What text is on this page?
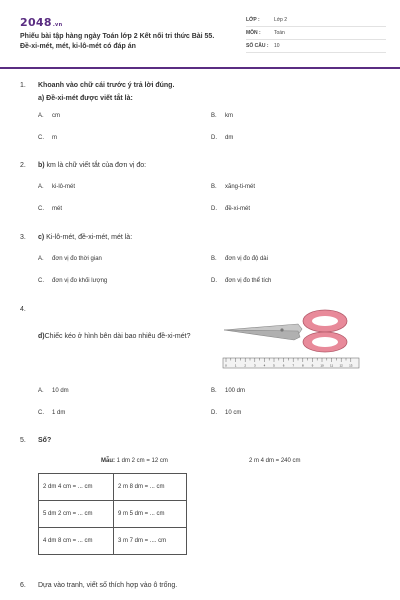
2048.vn
Phiếu bài tập hàng ngày Toán lớp 2 Kết nối tri thức Bài 55.
Đề-xi-mét, mét, ki-lô-mét có đáp án
LỚP :	Lớp 2
MÔN :	Toán
SỐ CÂU :	10
1. Khoanh vào chữ cái trước ý trả lời đúng.
a) Đề-xi-mét được viết tắt là:
A. cm	B. km
C. m	D. dm
2. b) km là chữ viết tắt của đơn vị đo:
A. ki-lô-mét	B. xăng-ti-mét
C. mét	D. đề-xi-mét
3. c) Ki-lô-mét, đề-xi-mét, mét là:
A. đơn vị đo thời gian	B. đơn vị đo độ dài
C. đơn vị đo khối lượng	D. đơn vị đo thể tích
4.
d)Chiếc kéo ở hình bên dài bao nhiêu đề-xi-mét?
0	1	2	3	4	5	6	7	8	9 10 11 12 13
A. 10 dm	B. 100 dm
C. 1 dm	D. 10 cm
5. Số?
Mẫu: 1 dm 2 cm = 12 cm	2 m 4 dm = 240 cm
2 dm 4 cm = ... cm	2 m 8 dm = ... cm
5 dm 2 cm = ... cm	9 m 5 dm = ... cm
4 dm 8 cm = ... cm	3 m 7 dm = .... cm
6. Dựa vào tranh, viết số thích hợp vào ô trống.
